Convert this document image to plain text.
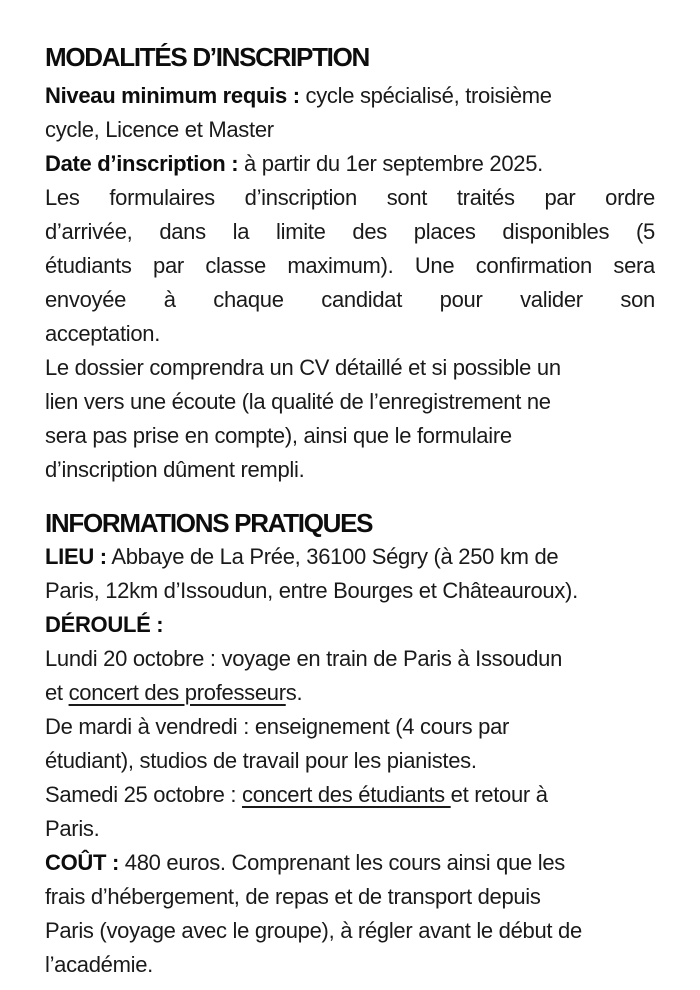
MODALITÉS D’INSCRIPTION
Niveau minimum requis : cycle spécialisé, troisième
cycle, Licence et Master
Date d’inscription : à partir du 1er septembre 2025.
Les formulaires d’inscription sont traités par ordre
d’arrivée, dans la limite des places disponibles (5
étudiants par classe maximum). Une confirmation sera
envoyée à chaque candidat pour valider son
acceptation.
Le dossier comprendra un CV détaillé et si possible un
lien vers une écoute (la qualité de l’enregistrement ne
sera pas prise en compte), ainsi que le formulaire
d’inscription dûment rempli.
INFORMATIONS PRATIQUES
LIEU : Abbaye de La Prée, 36100 Ségry (à 250 km de
Paris, 12km d’Issoudun, entre Bourges et Châteauroux).
DÉROULÉ :
Lundi 20 octobre : voyage en train de Paris à Issoudun
et concert des professeurs.
De mardi à vendredi : enseignement (4 cours par
étudiant), studios de travail pour les pianistes.
Samedi 25 octobre : concert des étudiants et retour à
Paris.
COÛT : 480 euros. Comprenant les cours ainsi que les
frais d’hébergement, de repas et de transport depuis
Paris (voyage avec le groupe), à régler avant le début de
l’académie.
